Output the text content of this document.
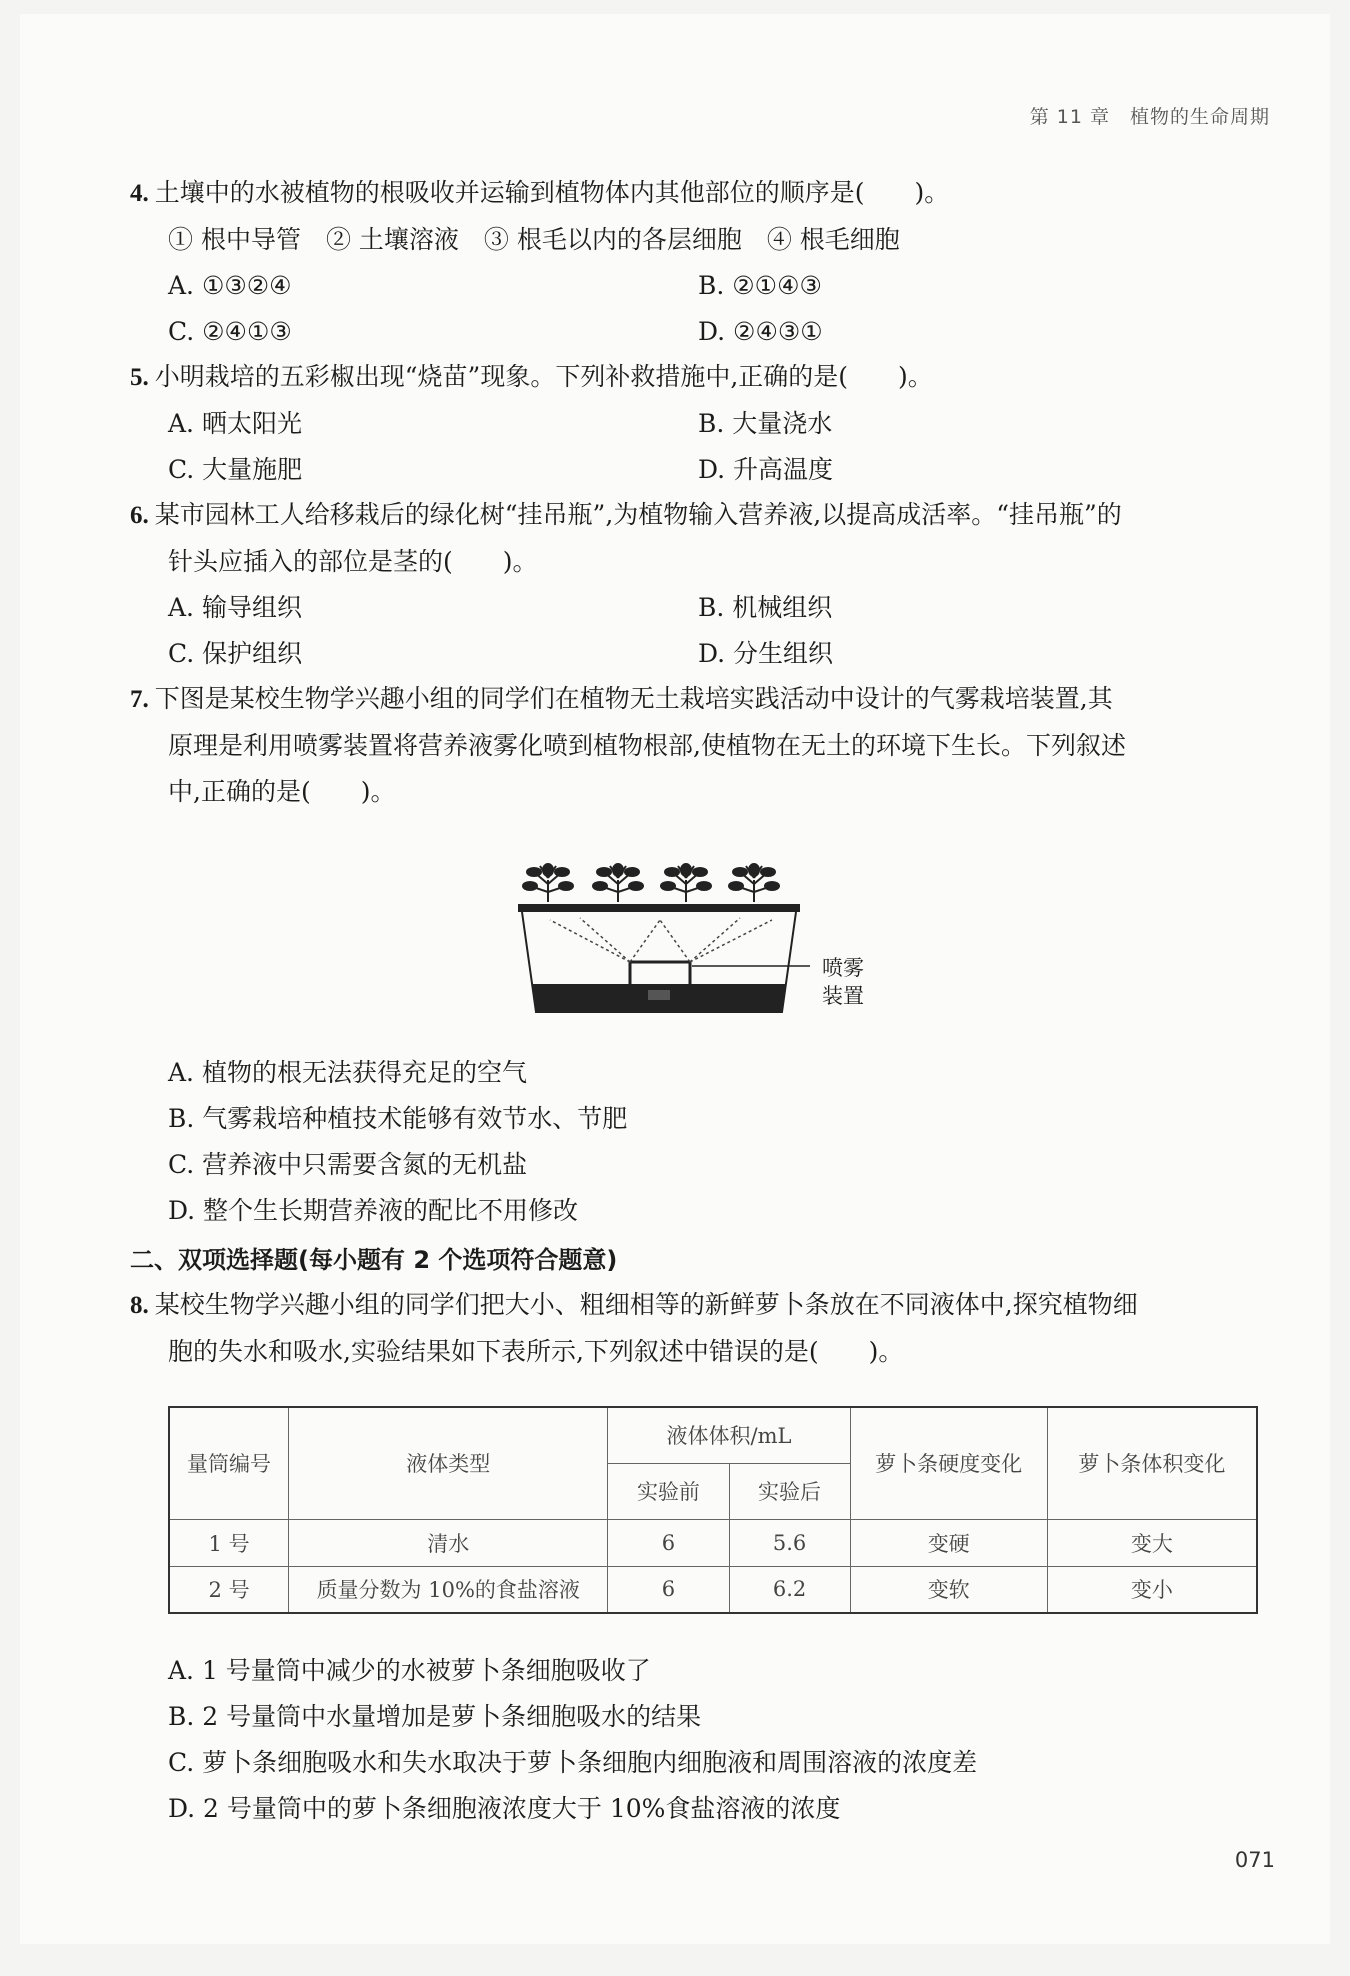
第 11 章 植物的生命周期
4. 土壤中的水被植物的根吸收并运输到植物体内其他部位的顺序是(　　)。
① 根中导管　② 土壤溶液　③ 根毛以内的各层细胞　④ 根毛细胞
A. ①③②④	B. ②①④③
C. ②④①③	D. ②④③①
5. 小明栽培的五彩椒出现“烧苗”现象。下列补救措施中,正确的是(　　)。
A. 晒太阳光	B. 大量浇水
C. 大量施肥	D. 升高温度
6. 某市园林工人给移栽后的绿化树“挂吊瓶”,为植物输入营养液,以提高成活率。“挂吊瓶”的
针头应插入的部位是茎的(　　)。
A. 输导组织	B. 机械组织
C. 保护组织	D. 分生组织
7. 下图是某校生物学兴趣小组的同学们在植物无土栽培实践活动中设计的气雾栽培装置,其
原理是利用喷雾装置将营养液雾化喷到植物根部,使植物在无土的环境下生长。下列叙述
中,正确的是(　　)。
喷雾
装置
A. 植物的根无法获得充足的空气
B. 气雾栽培种植技术能够有效节水、节肥
C. 营养液中只需要含氮的无机盐
D. 整个生长期营养液的配比不用修改
二、双项选择题(每小题有 2 个选项符合题意)
8. 某校生物学兴趣小组的同学们把大小、粗细相等的新鲜萝卜条放在不同液体中,探究植物细
胞的失水和吸水,实验结果如下表所示,下列叙述中错误的是(　　)。
量筒编号	液体类型	液体体积/mL		萝卜条硬度变化	萝卜条体积变化
		实验前	实验后		
1 号	清水	6	5.6	变硬	变大
2 号	质量分数为 10%的食盐溶液	6	6.2	变软	变小
A. 1 号量筒中减少的水被萝卜条细胞吸收了
B. 2 号量筒中水量增加是萝卜条细胞吸水的结果
C. 萝卜条细胞吸水和失水取决于萝卜条细胞内细胞液和周围溶液的浓度差
D. 2 号量筒中的萝卜条细胞液浓度大于 10%食盐溶液的浓度
071
